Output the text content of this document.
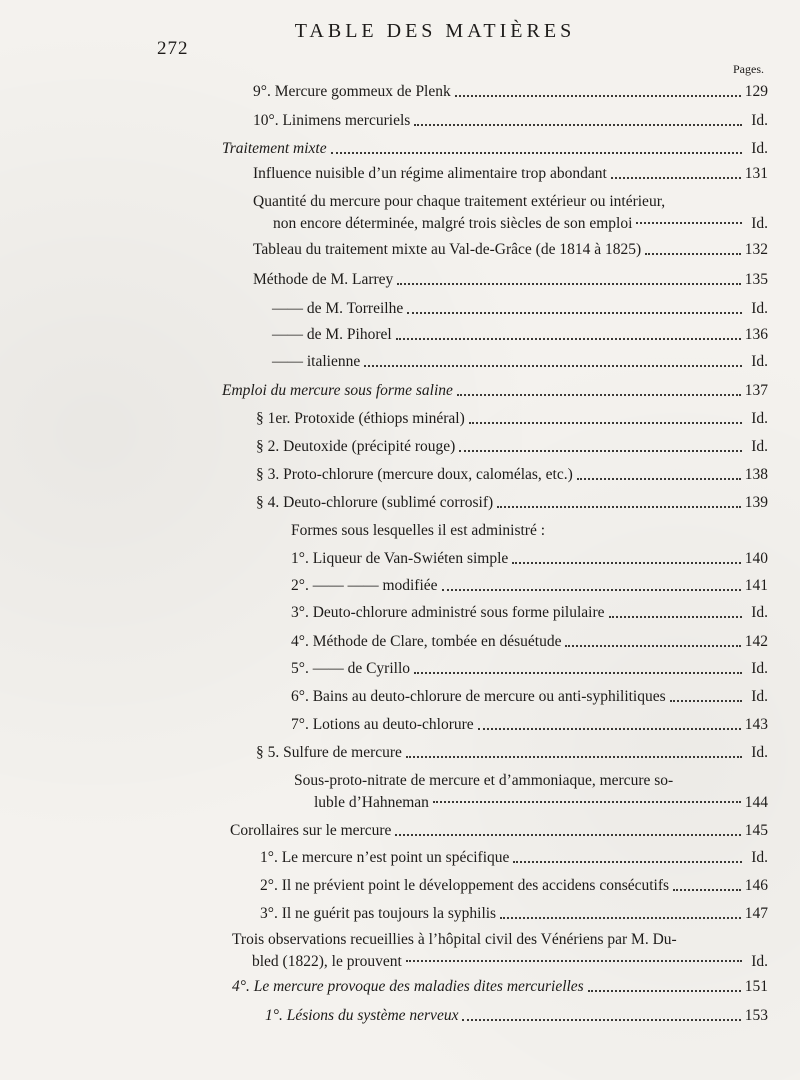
272
TABLE DES MATIÈRES
Pages.
9°. Mercure gommeux de Plenk	129
10°. Linimens mercuriels	Id.
Traitement mixte	Id.
Influence nuisible d’un régime alimentaire trop abondant	131
Quantité du mercure pour chaque traitement extérieur ou intérieur,
non encore déterminée, malgré trois siècles de son emploi	Id.
Tableau du traitement mixte au Val-de-Grâce (de 1814 à 1825)	132
Méthode de M. Larrey	135
—— de M. Torreilhe	Id.
—— de M. Pihorel	136
—— italienne	Id.
Emploi du mercure sous forme saline	137
§ 1er. Protoxide (éthiops minéral)	Id.
§ 2. Deutoxide (précipité rouge)	Id.
§ 3. Proto-chlorure (mercure doux, calomélas, etc.)	138
§ 4. Deuto-chlorure (sublimé corrosif)	139
Formes sous lesquelles il est administré :
1°. Liqueur de Van-Swiéten simple	140
2°. —— —— modifiée	141
3°. Deuto-chlorure administré sous forme pilulaire	Id.
4°. Méthode de Clare, tombée en désuétude	142
5°. —— de Cyrillo	Id.
6°. Bains au deuto-chlorure de mercure ou anti-syphilitiques	Id.
7°. Lotions au deuto-chlorure	143
§ 5. Sulfure de mercure	Id.
Sous-proto-nitrate de mercure et d’ammoniaque, mercure so-
luble d’Hahneman	144
Corollaires sur le mercure	145
1°. Le mercure n’est point un spécifique	Id.
2°. Il ne prévient point le développement des accidens consécutifs	146
3°. Il ne guérit pas toujours la syphilis	147
Trois observations recueillies à l’hôpital civil des Vénériens par M. Du-
bled (1822), le prouvent	Id.
4°. Le mercure provoque des maladies dites mercurielles	151
1°. Lésions du système nerveux	153
